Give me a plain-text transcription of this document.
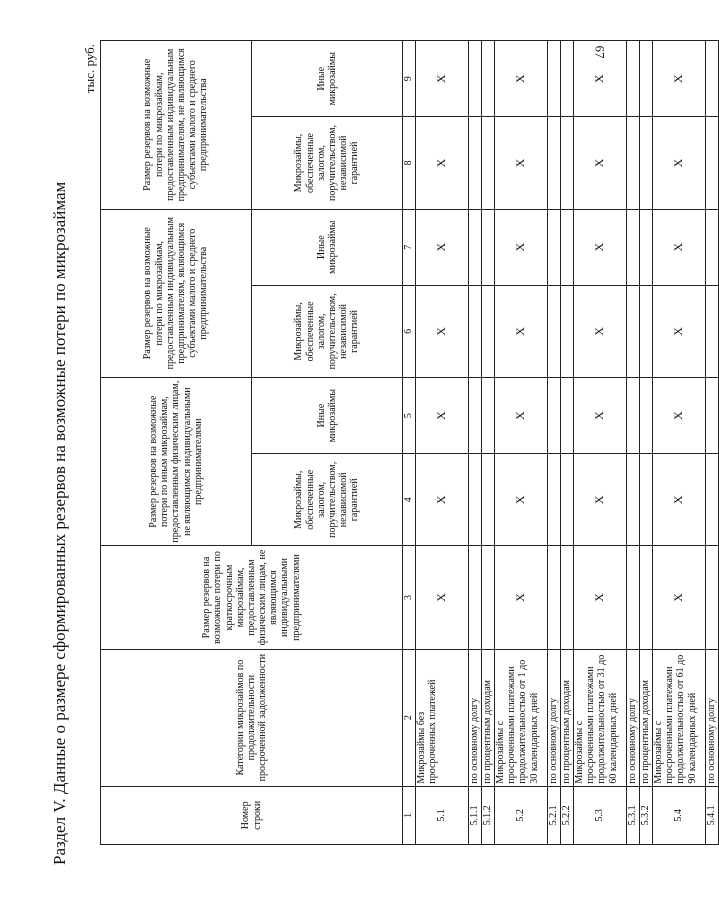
67
Раздел V. Данные о размере сформированных резервов на возможные потери по микрозаймам
тыс. руб.
Номер строки	Категории микрозаймов по продолжительности просроченной задолженности	Размер резервов на возможные потери по краткосрочным микрозаймам, предоставленным физическим лицам, не являющимся индивидуальными предпринимателями	Размер резервов на возможные потери по иным микрозаймам, предоставленным физическим лицам, не являющимся индивидуальными предпринимателями		Размер резервов на возможные потери по микрозаймам, предоставленным индивидуальным предпринимателям, являющимся субъектами малого и среднего предпринимательства		Размер резервов на возможные потери по микрозаймам, предоставленным индивидуальным предпринимателям, не являющимся субъектами малого и среднего предпринимательства	
			Микрозаймы, обеспеченные залогом, поручительством, независимой гарантией	Иные микрозаймы	Микрозаймы, обеспеченные залогом, поручительством, независимой гарантией	Иные микрозаймы	Микрозаймы, обеспеченные залогом, поручительством, независимой гарантией	Иные микрозаймы
1	2	3	4	5	6	7	8	9
5.1	Микрозаймы без просроченных платежей	X	X	X	X	X	X	X
5.1.1	по основному долгу							
5.1.2	по процентным доходам							
5.2	Микрозаймы с просроченными платежами продолжительностью от 1 до 30 календарных дней	X	X	X	X	X	X	X
5.2.1	по основному долгу							
5.2.2	по процентным доходам							
5.3	Микрозаймы с просроченными платежами продолжительностью от 31 до 60 календарных дней	X	X	X	X	X	X	X
5.3.1	по основному долгу							
5.3.2	по процентным доходам							
5.4	Микрозаймы с просроченными платежами продолжительностью от 61 до 90 календарных дней	X	X	X	X	X	X	X
5.4.1	по основному долгу							
